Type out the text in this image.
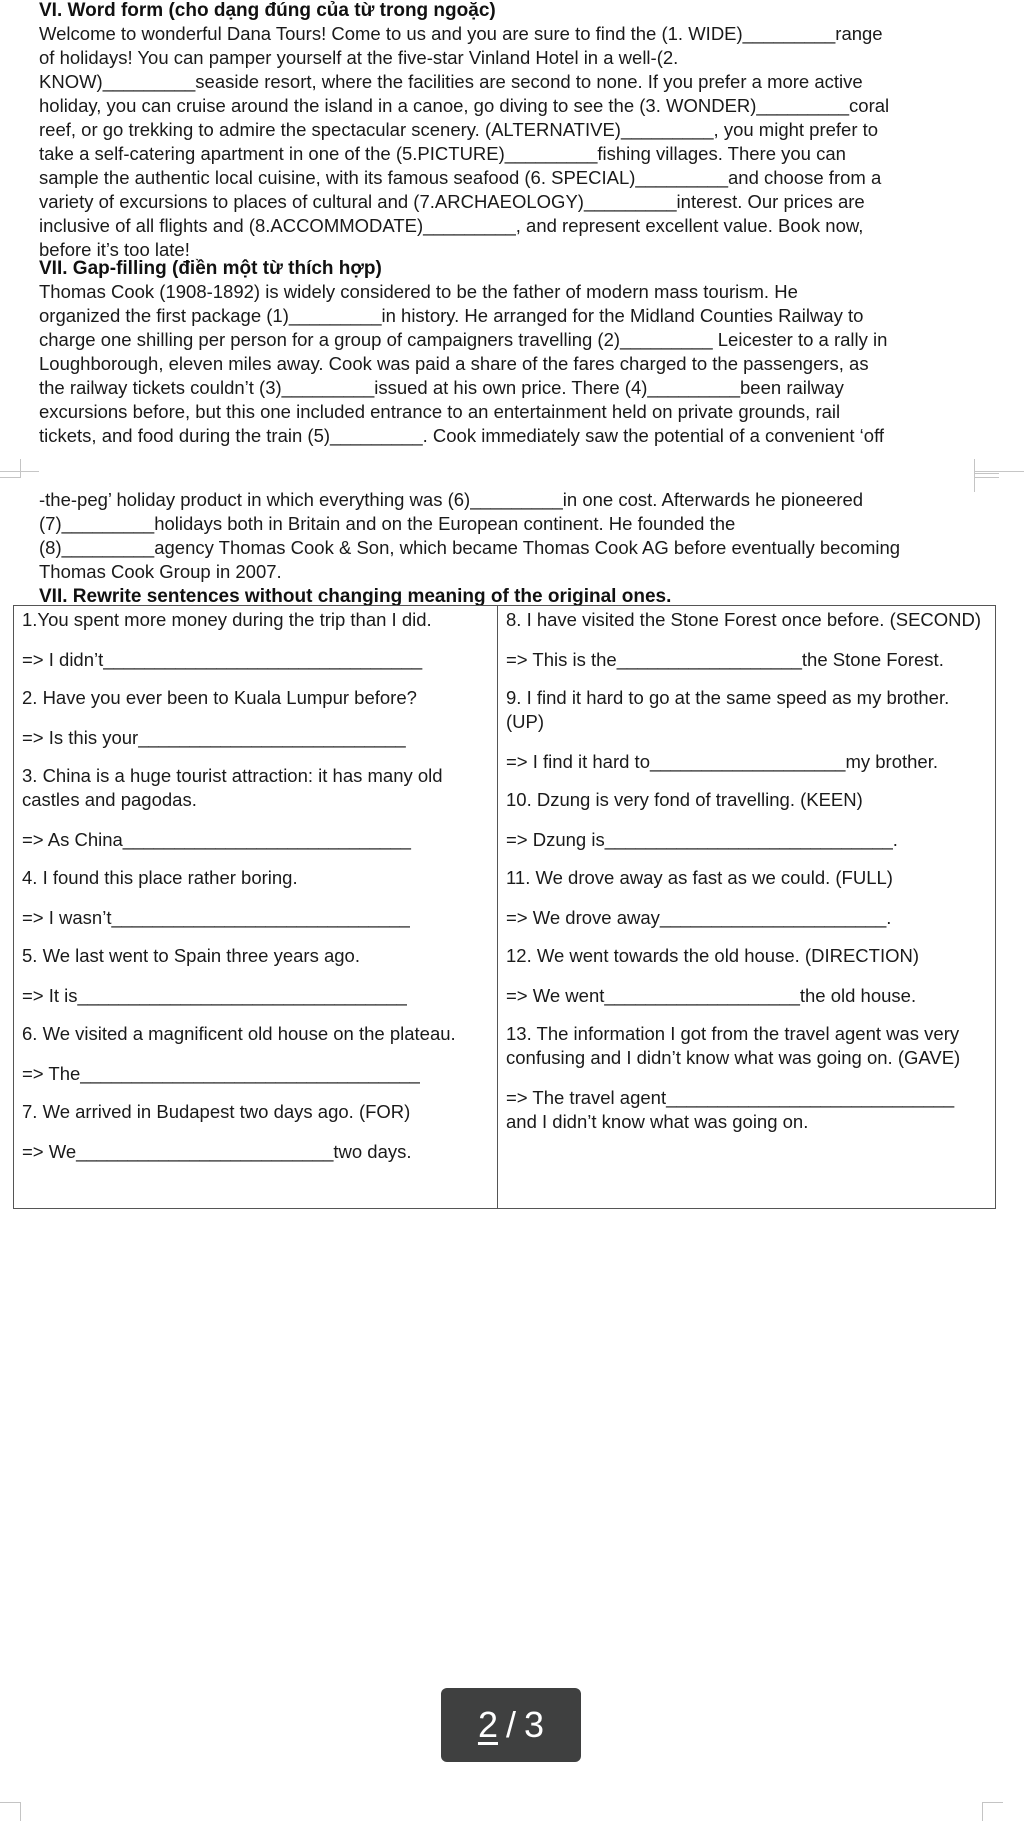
VI. Word form (cho dạng đúng của từ trong ngoặc)
Welcome to wonderful Dana Tours! Come to us and you are sure to find the (1. WIDE)_________range
of holidays! You can pamper yourself at the five-star Vinland Hotel in a well-(2.
KNOW)_________seaside resort, where the facilities are second to none. If you prefer a more active
holiday, you can cruise around the island in a canoe, go diving to see the (3. WONDER)_________coral
reef, or go trekking to admire the spectacular scenery. (ALTERNATIVE)_________, you might prefer to
take a self-catering apartment in one of the (5.PICTURE)_________fishing villages. There you can
sample the authentic local cuisine, with its famous seafood (6. SPECIAL)_________and choose from a
variety of excursions to places of cultural and (7.ARCHAEOLOGY)_________interest. Our prices are
inclusive of all flights and (8.ACCOMMODATE)_________, and represent excellent value. Book now,
before it’s too late!
VII. Gap-filling (điền một từ thích hợp)
Thomas Cook (1908-1892) is widely considered to be the father of modern mass tourism. He
organized the first package (1)_________in history. He arranged for the Midland Counties Railway to
charge one shilling per person for a group of campaigners travelling (2)_________ Leicester to a rally in
Loughborough, eleven miles away. Cook was paid a share of the fares charged to the passengers, as
the railway tickets couldn’t (3)_________issued at his own price. There (4)_________been railway
excursions before, but this one included entrance to an entertainment held on private grounds, rail
tickets, and food during the train (5)_________. Cook immediately saw the potential of a convenient ‘off
-the-peg’ holiday product in which everything was (6)_________in one cost. Afterwards he pioneered
(7)_________holidays both in Britain and on the European continent. He founded the
(8)_________agency Thomas Cook & Son, which became Thomas Cook AG before eventually becoming
Thomas Cook Group in 2007.
VII. Rewrite sentences without changing meaning of the original ones.
1.You spent more money during the trip than I did.
=> I didn’t_______________________________
2. Have you ever been to Kuala Lumpur before?
=> Is this your__________________________
3. China is a huge tourist attraction: it has many old castles and pagodas.
=> As China____________________________
4. I found this place rather boring.
=> I wasn’t_____________________________
5. We last went to Spain three years ago.
=> It is________________________________
6. We visited a magnificent old house on the plateau.
=> The_________________________________
7. We arrived in Budapest two days ago. (FOR)
=> We_________________________two days.

8. I have visited the Stone Forest once before. (SECOND)
=> This is the__________________the Stone Forest.
9. I find it hard to go at the same speed as my brother. (UP)
=> I find it hard to___________________my brother.
10. Dzung is very fond of travelling. (KEEN)
=> Dzung is____________________________.
11. We drove away as fast as we could. (FULL)
=> We drove away______________________.
12. We went towards the old house. (DIRECTION)
=> We went___________________the old house.
13. The information I got from the travel agent was very confusing and I didn’t know what was going on. (GAVE)
=> The travel agent____________________________ and I didn’t know what was going on.
2 / 3
